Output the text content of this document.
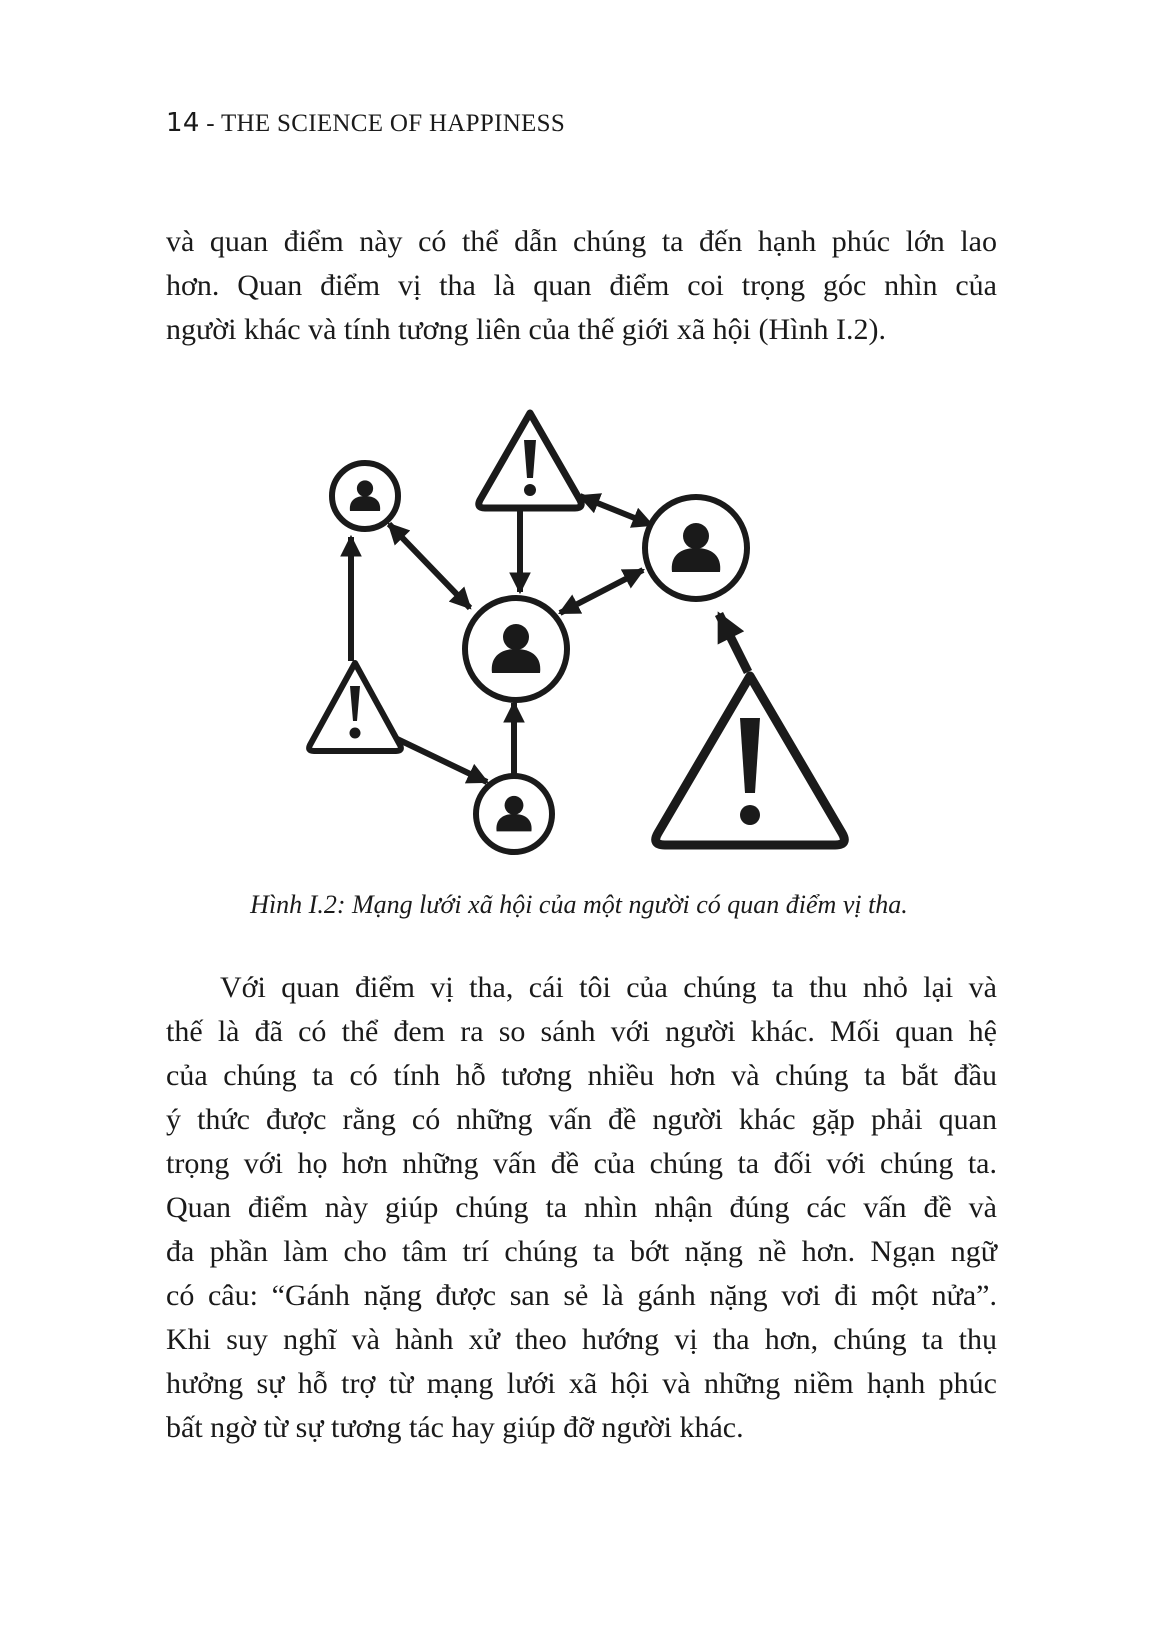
14 - THE SCIENCE OF HAPPINESS
và quan điểm này có thể dẫn chúng ta đến hạnh phúc lớn lao
hơn. Quan điểm vị tha là quan điểm coi trọng góc nhìn của
người khác và tính tương liên của thế giới xã hội (Hình I.2).
Hình I.2: Mạng lưới xã hội của một người có quan điểm vị tha.
Với quan điểm vị tha, cái tôi của chúng ta thu nhỏ lại và
thế là đã có thể đem ra so sánh với người khác. Mối quan hệ
của chúng ta có tính hỗ tương nhiều hơn và chúng ta bắt đầu
ý thức được rằng có những vấn đề người khác gặp phải quan
trọng với họ hơn những vấn đề của chúng ta đối với chúng ta.
Quan điểm này giúp chúng ta nhìn nhận đúng các vấn đề và
đa phần làm cho tâm trí chúng ta bớt nặng nề hơn. Ngạn ngữ
có câu: “Gánh nặng được san sẻ là gánh nặng vơi đi một nửa”.
Khi suy nghĩ và hành xử theo hướng vị tha hơn, chúng ta thụ
hưởng sự hỗ trợ từ mạng lưới xã hội và những niềm hạnh phúc
bất ngờ từ sự tương tác hay giúp đỡ người khác.
